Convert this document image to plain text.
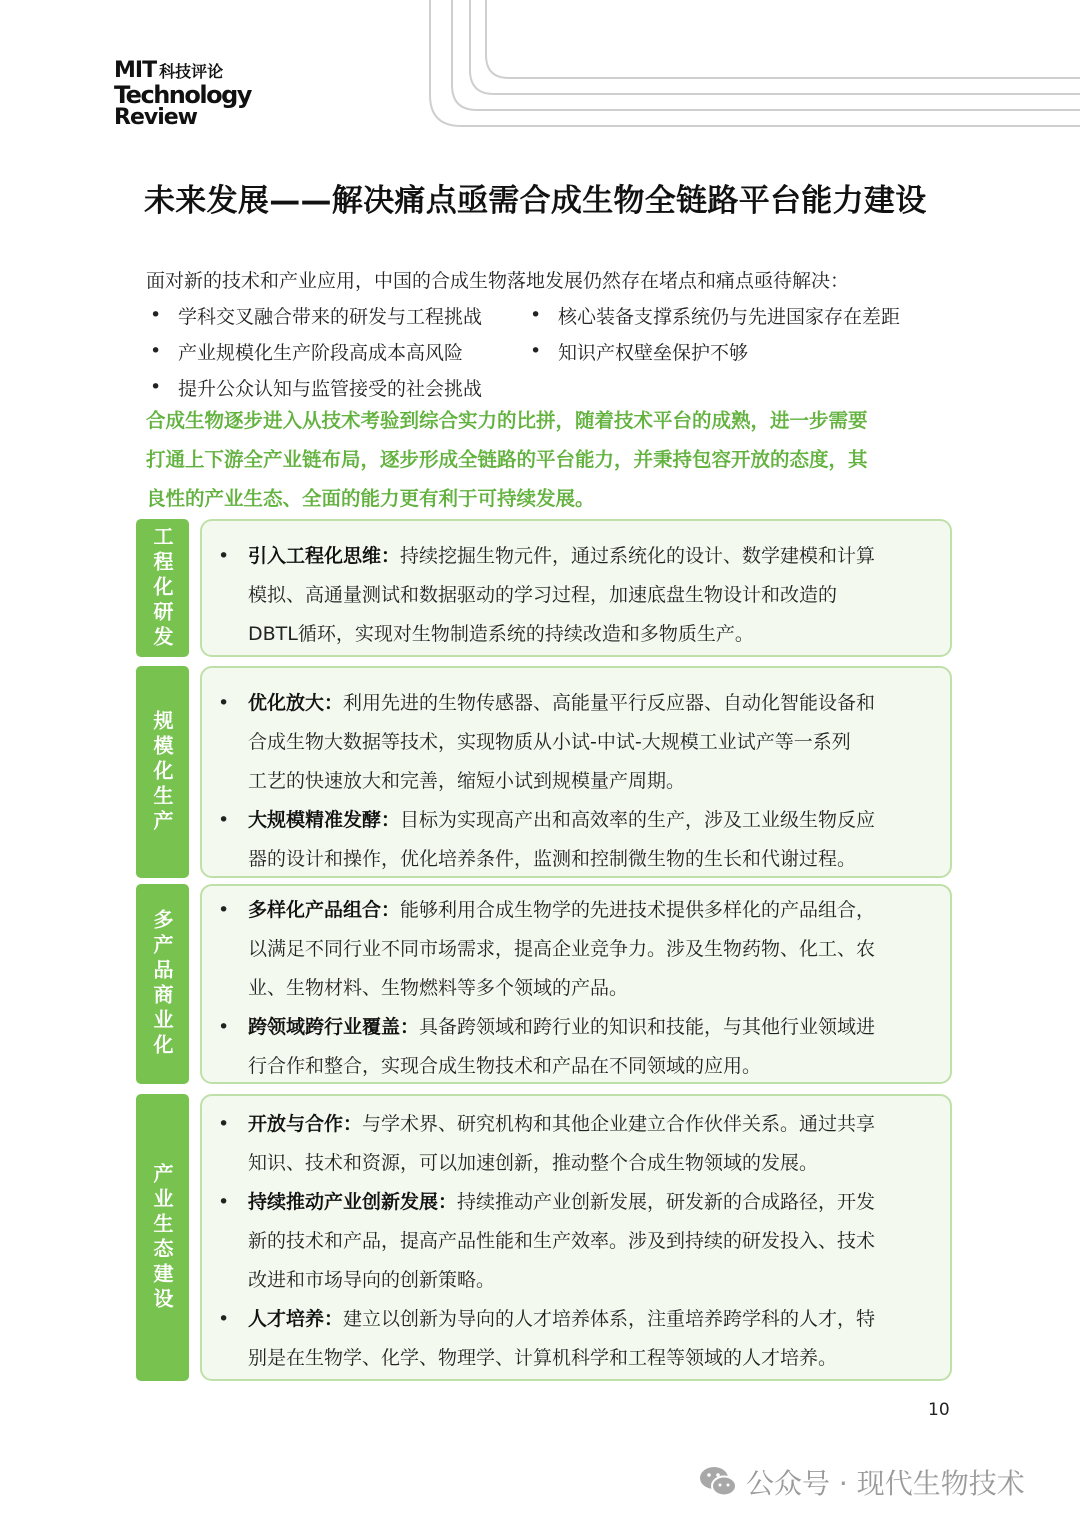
MIT 科技评论
Technology
Review
未来发展——解决痛点亟需合成生物全链路平台能力建设
面对新的技术和产业应用，中国的合成生物落地发展仍然存在堵点和痛点亟待解决：
• 学科交叉融合带来的研发与工程挑战	• 核心装备支撑系统仍与先进国家存在差距
• 产业规模化生产阶段高成本高风险	• 知识产权壁垒保护不够
• 提升公众认知与监管接受的社会挑战
合成生物逐步进入从技术考验到综合实力的比拼，随着技术平台的成熟，进一步需要
打通上下游全产业链布局，逐步形成全链路的平台能力，并秉持包容开放的态度，其
良性的产业生态、全面的能力更有利于可持续发展。
工程化研发 • 引入工程化思维：持续挖掘生物元件，通过系统化的设计、数学建模和计算
模拟、高通量测试和数据驱动的学习过程，加速底盘生物设计和改造的
DBTL循环，实现对生物制造系统的持续改造和多物质生产。
规模化生产
• 优化放大：利用先进的生物传感器、高能量平行反应器、自动化智能设备和
合成生物大数据等技术，实现物质从小试-中试-大规模工业试产等一系列
工艺的快速放大和完善，缩短小试到规模量产周期。
• 大规模精准发酵：目标为实现高产出和高效率的生产，涉及工业级生物反应
器的设计和操作，优化培养条件，监测和控制微生物的生长和代谢过程。
多产品商业化 • 多样化产品组合：能够利用合成生物学的先进技术提供多样化的产品组合，
以满足不同行业不同市场需求，提高企业竞争力。涉及生物药物、化工、农
业、生物材料、生物燃料等多个领域的产品。
• 跨领域跨行业覆盖：具备跨领域和跨行业的知识和技能，与其他行业领域进
行合作和整合，实现合成生物技术和产品在不同领域的应用。
产业生态建设
• 开放与合作：与学术界、研究机构和其他企业建立合作伙伴关系。通过共享
知识、技术和资源，可以加速创新，推动整个合成生物领域的发展。
• 持续推动产业创新发展：持续推动产业创新发展，研发新的合成路径，开发
新的技术和产品，提高产品性能和生产效率。涉及到持续的研发投入、技术
改进和市场导向的创新策略。
• 人才培养：建立以创新为导向的人才培养体系，注重培养跨学科的人才，特
别是在生物学、化学、物理学、计算机科学和工程等领域的人才培养。
10
公众号 · 现代生物技术
